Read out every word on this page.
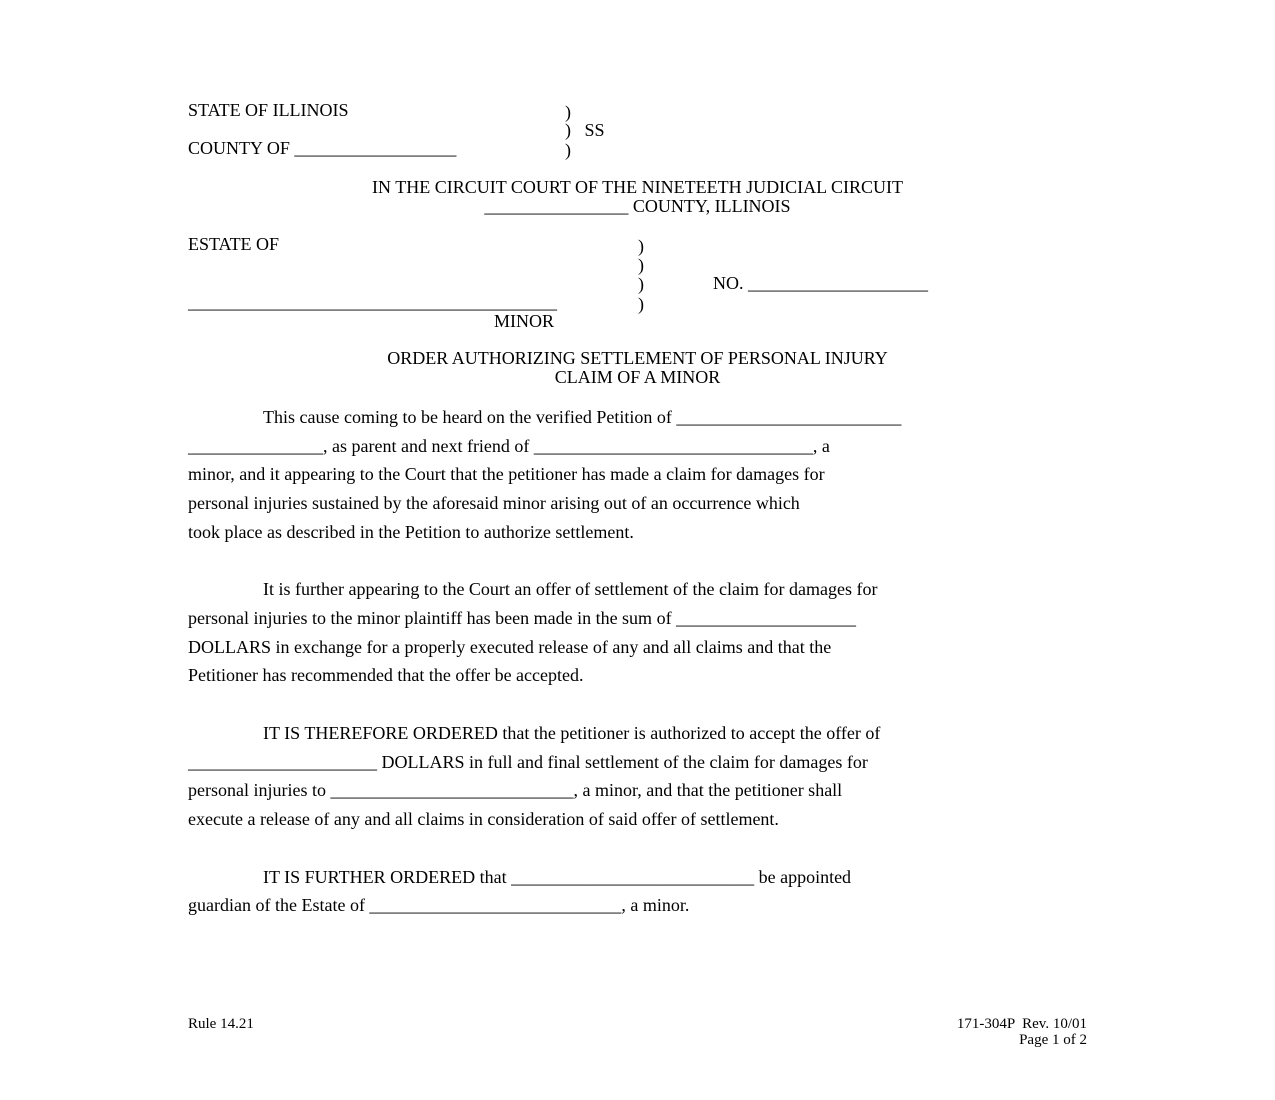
STATE OF ILLINOIS	)
)   SS
COUNTY OF __________________	)
IN THE CIRCUIT COURT OF THE NINETEETH JUDICIAL CIRCUIT
________________ COUNTY, ILLINOIS
ESTATE OF	)
)
)	NO. ____________________
_________________________________________	)
MINOR
ORDER AUTHORIZING SETTLEMENT OF PERSONAL INJURY
CLAIM OF A MINOR
This cause coming to be heard on the verified Petition of _________________________
_______________, as parent and next friend of _______________________________, a
minor, and it appearing to the Court that the petitioner has made a claim for damages for
personal injuries sustained by the aforesaid minor arising out of an occurrence which
took place as described in the Petition to authorize settlement.
It is further appearing to the Court an offer of settlement of the claim for damages for
personal injuries to the minor plaintiff has been made in the sum of ____________________
DOLLARS in exchange for a properly executed release of any and all claims and that the
Petitioner has recommended that the offer be accepted.
IT IS THEREFORE ORDERED that the petitioner is authorized to accept the offer of
_____________________ DOLLARS in full and final settlement of the claim for damages for
personal injuries to ___________________________, a minor, and that the petitioner shall
execute a release of any and all claims in consideration of said offer of settlement.
IT IS FURTHER ORDERED that ___________________________ be appointed
guardian of the Estate of ____________________________, a minor.
Rule 14.21	171-304P  Rev. 10/01
Page 1 of 2
